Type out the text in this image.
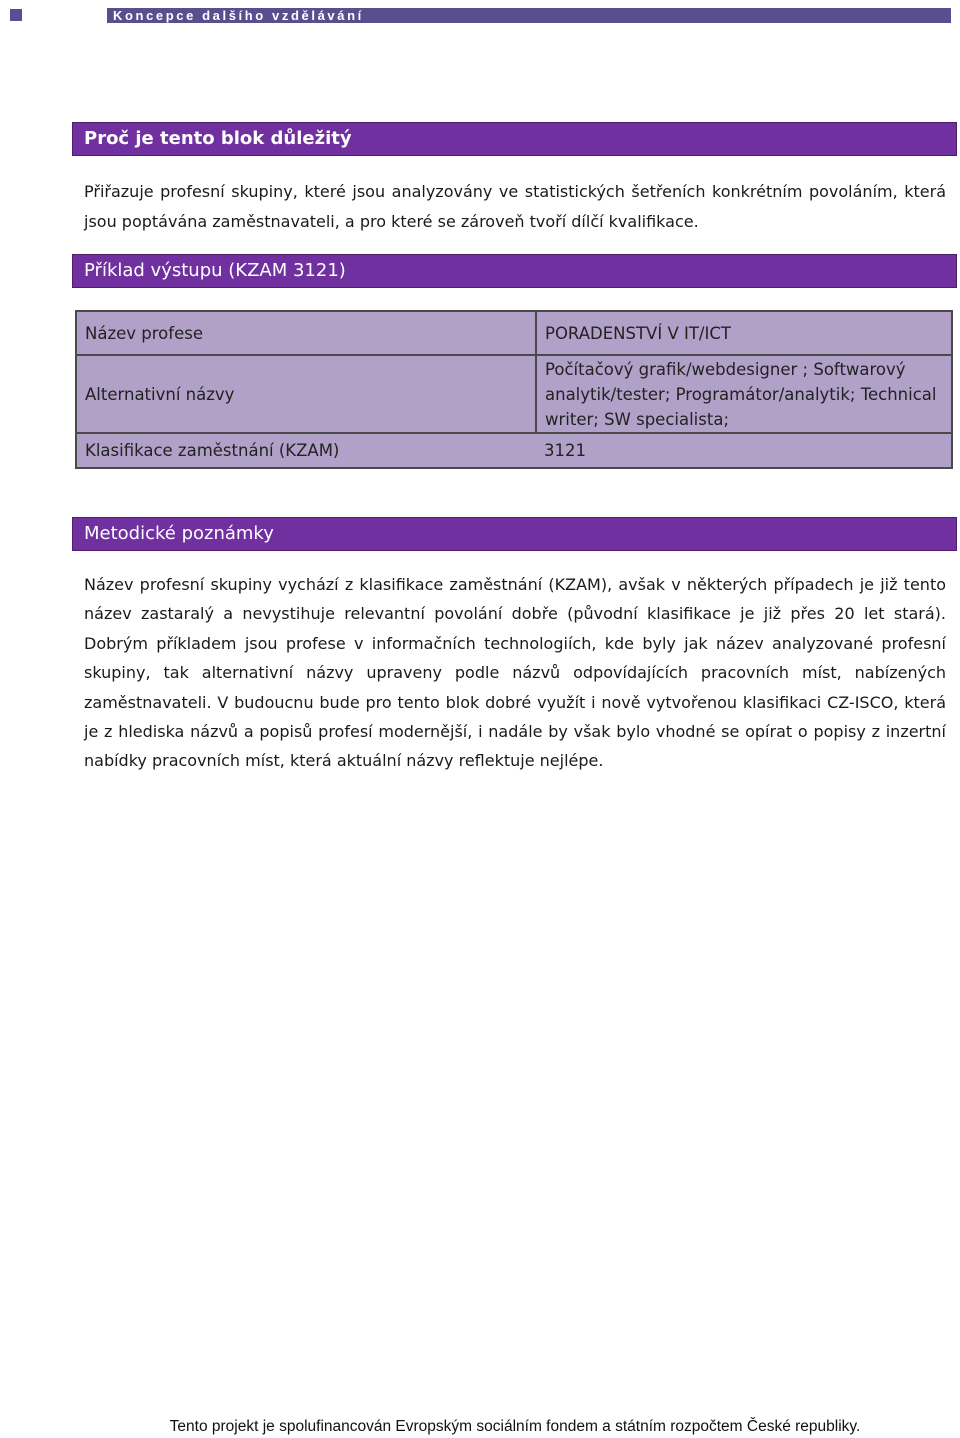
Koncepce dalšího vzdělávání
Proč je tento blok důležitý
Přiřazuje profesní skupiny, které jsou analyzovány ve statistických šetřeních konkrétním povoláním, která jsou poptávána zaměstnavateli, a pro které se zároveň tvoří dílčí kvalifikace.
Příklad výstupu (KZAM 3121)
Název profese	PORADENSTVÍ V IT/ICT
Alternativní názvy	Počítačový grafik/webdesigner ; Softwarový analytik/tester; Programátor/analytik; Technical writer; SW specialista;
Klasifikace zaměstnání (KZAM)	3121
Metodické poznámky
Název profesní skupiny vychází z klasifikace zaměstnání (KZAM), avšak v některých případech je již tento název zastaralý a nevystihuje relevantní povolání dobře (původní klasifikace je již přes 20 let stará). Dobrým příkladem jsou profese v informačních technologiích, kde byly jak název analyzované profesní skupiny, tak alternativní názvy upraveny podle názvů odpovídajících pracovních míst, nabízených zaměstnavateli. V budoucnu bude pro tento blok dobré využít i nově vytvořenou klasifikaci CZ-ISCO, která je z hlediska názvů a popisů profesí modernější, i nadále by však bylo vhodné se opírat o popisy z inzertní nabídky pracovních míst, která aktuální názvy reflektuje nejlépe.
Tento projekt je spolufinancován Evropským sociálním fondem a státním rozpočtem České republiky.
